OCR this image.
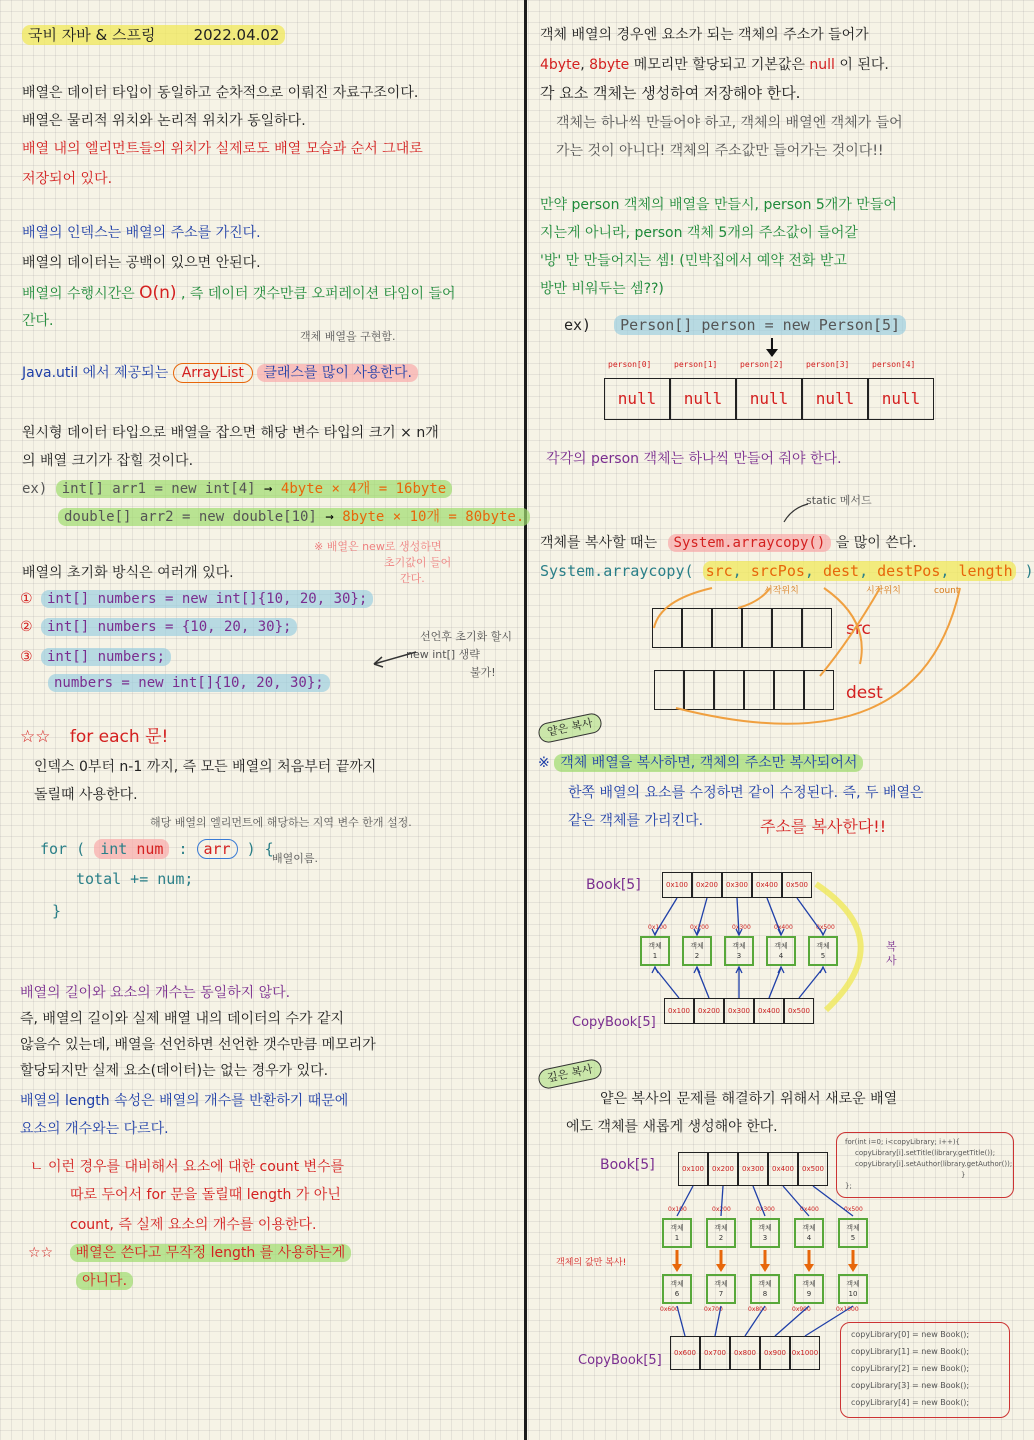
국비 자바 & 스프링	2022.04.02
배열은 데이터 타입이 동일하고 순차적으로 이뤄진 자료구조이다.
배열은 물리적 위치와 논리적 위치가 동일하다.
배열 내의 엘리먼트들의 위치가 실제로도 배열 모습과 순서 그대로
저장되어 있다.
배열의 인덱스는 배열의 주소를 가진다.
배열의 데이터는 공백이 있으면 안된다.
배열의 수행시간은 O(n) , 즉 데이터 갯수만큼 오퍼레이션 타임이 들어
간다.
객체 배열을 구현함.
Java.util 에서 제공되는 ArrayList 클래스를 많이 사용한다.
원시형 데이터 타입으로 배열을 잡으면 해당 변수 타입의 크기 × n개
의 배열 크기가 잡힐 것이다.
ex) int[] arr1 = new int[4] → 4byte × 4개 = 16byte
double[] arr2 = new double[10] → 8byte × 10개 = 80byte.
배열의 초기화 방식은 여러개 있다.
※ 배열은 new로 생성하면
초기값이 들어
간다.
① int[] numbers = new int[]{10, 20, 30};
② int[] numbers = {10, 20, 30};
③ int[] numbers;
numbers = new int[]{10, 20, 30};
선언후 초기화 할시
new int[] 생략
불가!
☆☆ for each 문!
인덱스 0부터 n-1 까지, 즉 모든 배열의 처음부터 끝까지
돌릴때 사용한다.
해당 배열의 엘리먼트에 해당하는 지역 변수 한개 설정.
for ( int num : arr ) {
배열이름.
total += num;
}
배열의 길이와 요소의 개수는 동일하지 않다.
즉, 배열의 길이와 실제 배열 내의 데이터의 수가 같지
않을수 있는데, 배열을 선언하면 선언한 갯수만큼 메모리가
할당되지만 실제 요소(데이터)는 없는 경우가 있다.
배열의 length 속성은 배열의 개수를 반환하기 때문에
요소의 개수와는 다르다.
ㄴ 이런 경우를 대비해서 요소에 대한 count 변수를
따로 두어서 for 문을 돌릴때 length 가 아닌
count, 즉 실제 요소의 개수를 이용한다.
☆☆ 배열은 쓴다고 무작정 length 를 사용하는게
아니다.
객체 배열의 경우엔 요소가 되는 객체의 주소가 들어가
4byte, 8byte 메모리만 할당되고 기본값은 null 이 된다.
각 요소 객체는 생성하여 저장해야 한다.
객체는 하나씩 만들어야 하고, 객체의 배열엔 객체가 들어
가는 것이 아니다! 객체의 주소값만 들어가는 것이다!!
만약 person 객체의 배열을 만들시, person 5개가 만들어
지는게 아니라, person 객체 5개의 주소값이 들어갈
'방' 만 만들어지는 셈! (민박집에서 예약 전화 받고
방만 비워두는 셈??)
ex) Person[] person = new Person[5]
person[0]
null
person[1]
null
person[2]
null
person[3]
null
person[4]
null
각각의 person 객체는 하나씩 만들어 줘야 한다.
static 메서드
객체를 복사할 때는 System.arraycopy() 을 많이 쓴다.
System.arraycopy( src, srcPos, dest, destPos, length )
시작위치	시작위치	count
src
dest
얕은 복사
※ 객체 배열을 복사하면, 객체의 주소만 복사되어서
한쪽 배열의 요소를 수정하면 같이 수정된다. 즉, 두 배열은
같은 객체를 가리킨다.	주소를 복사한다!!
Book[5]
CopyBook[5]
복사
0x100
0x100
0x100
객체
1
0x200
0x200
0x200
객체
2
0x300
0x300
0x300
객체
3
0x400
0x400
0x400
객체
4
0x500
0x500
0x500
객체
5
깊은 복사
얕은 복사의 문제를 해결하기 위해서 새로운 배열
에도 객체를 새롭게 생성해야 한다.
for(int i=0; i<copyLibrary; i++){
copyLibrary[i].setTitle(library.getTitle());
copyLibrary[i].setAuthor(library.getAuthor());
}
};
Book[5]
CopyBook[5]
객체의 값만 복사!
0x100
0x600
0x100
객체
1
객체
6
0x600
0x200
0x700
0x200
객체
2
객체
7
0x700
0x300
0x800
0x300
객체
3
객체
8
0x800
0x400
0x900
0x400
객체
4
객체
9
0x900
0x500
0x1000
0x500
객체
5
객체
10
0x1000
copyLibrary[0] = new Book();
copyLibrary[1] = new Book();
copyLibrary[2] = new Book();
copyLibrary[3] = new Book();
copyLibrary[4] = new Book();
